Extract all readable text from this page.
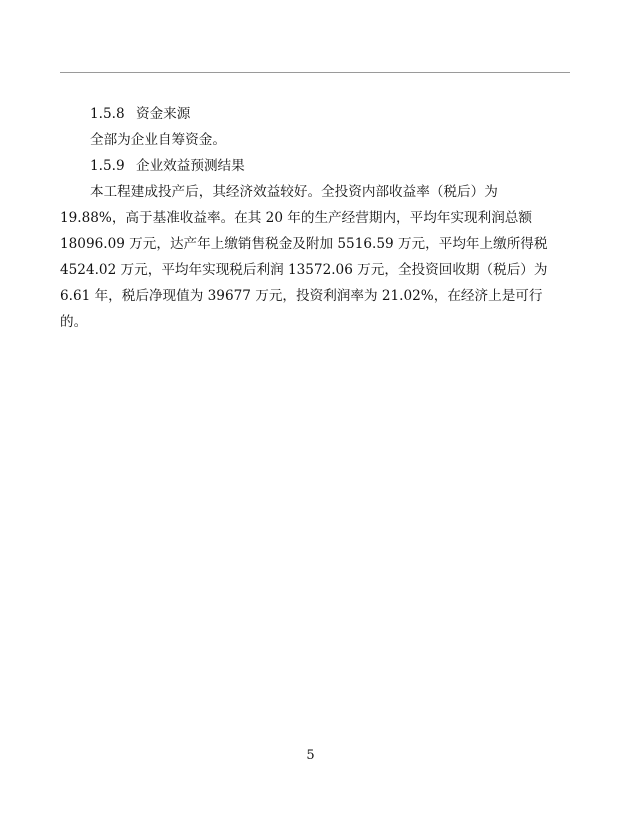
1.5.8 资金来源
全部为企业自筹资金。
1.5.9 企业效益预测结果
本工程建成投产后，其经济效益较好。全投资内部收益率（税后）为
19.88%，高于基准收益率。在其 20 年的生产经营期内，平均年实现利润总额
18096.09 万元，达产年上缴销售税金及附加 5516.59 万元，平均年上缴所得税
4524.02 万元，平均年实现税后利润 13572.06 万元，全投资回收期（税后）为
6.61 年，税后净现值为 39677 万元，投资利润率为 21.02%，在经济上是可行
的。
5
